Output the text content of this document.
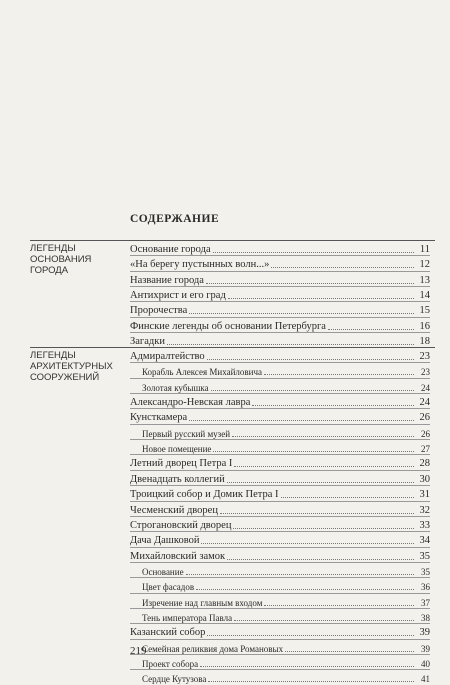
СОДЕРЖАНИЕ
ЛЕГЕНДЫ
ОСНОВАНИЯ
ГОРОДА
Основание города	11
«На берегу пустынных волн...»	12
Название города	13
Антихрист и его град	14
Пророчества	15
Финские легенды об основании Петербурга	16
Загадки	18
ЛЕГЕНДЫ
АРХИТЕКТУРНЫХ
СООРУЖЕНИЙ
Адмиралтейство	23
Корабль Алексея Михайловича	23
Золотая кубышка	24
Александро-Невская лавра	24
Кунсткамера	26
Первый русский музей	26
Новое помещение	27
Летний дворец Петра I	28
Двенадцать коллегий	30
Троицкий собор и Домик Петра I	31
Чесменский дворец	32
Строгановский дворец	33
Дача Дашковой	34
Михайловский замок	35
Основание	35
Цвет фасадов	36
Изречение над главным входом	37
Тень императора Павла	38
Казанский собор	39
Семейная реликвия дома Романовых	39
Проект собора	40
Сердце Кутузова	41
219
